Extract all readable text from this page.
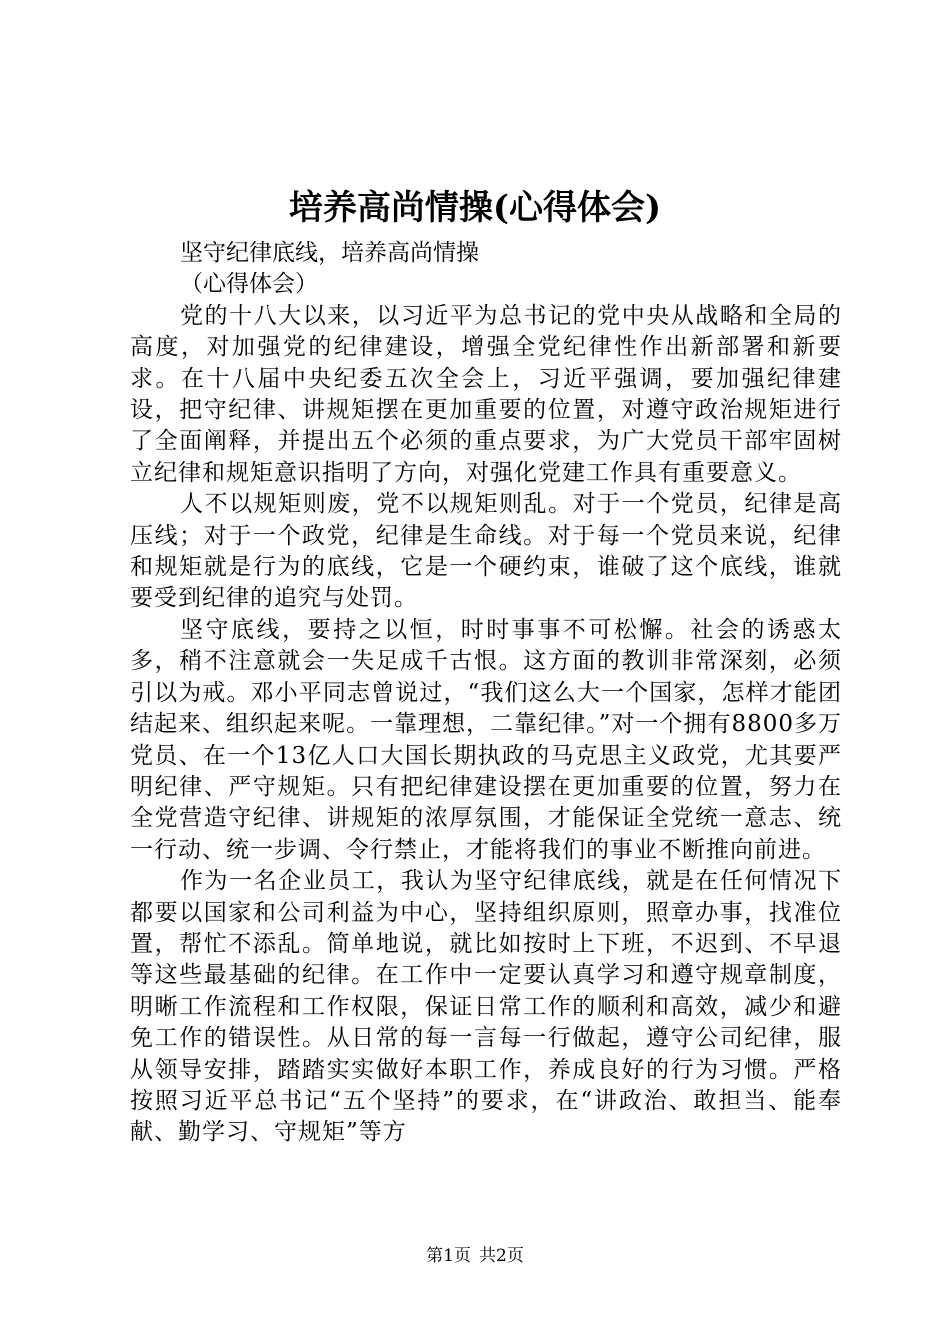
培养高尚情操(心得体会)

坚守纪律底线，培养高尚情操

（心得体会）

党的十八大以来，以习近平为总书记的党中央从战略和全局的高度，对加强党的纪律建设，增强全党纪律性作出新部署和新要求。在十八届中央纪委五次全会上，习近平强调，要加强纪律建设，把守纪律、讲规矩摆在更加重要的位置，对遵守政治规矩进行了全面阐释，并提出五个必须的重点要求，为广大党员干部牢固树立纪律和规矩意识指明了方向，对强化党建工作具有重要意义。

人不以规矩则废，党不以规矩则乱。对于一个党员，纪律是高压线；对于一个政党，纪律是生命线。对于每一个党员来说，纪律和规矩就是行为的底线，它是一个硬约束，谁破了这个底线，谁就要受到纪律的追究与处罚。

坚守底线，要持之以恒，时时事事不可松懈。社会的诱惑太多，稍不注意就会一失足成千古恨。这方面的教训非常深刻，必须引以为戒。邓小平同志曾说过，“我们这么大一个国家，怎样才能团结起来、组织起来呢。一靠理想，二靠纪律。”对一个拥有8800多万党员、在一个13亿人口大国长期执政的马克思主义政党，尤其要严明纪律、严守规矩。只有把纪律建设摆在更加重要的位置，努力在全党营造守纪律、讲规矩的浓厚氛围，才能保证全党统一意志、统一行动、统一步调、令行禁止，才能将我们的事业不断推向前进。

作为一名企业员工，我认为坚守纪律底线，就是在任何情况下都要以国家和公司利益为中心，坚持组织原则，照章办事，找准位置，帮忙不添乱。简单地说，就比如按时上下班，不迟到、不早退等这些最基础的纪律。在工作中一定要认真学习和遵守规章制度，明晰工作流程和工作权限，保证日常工作的顺利和高效，减少和避免工作的错误性。从日常的每一言每一行做起，遵守公司纪律，服从领导安排，踏踏实实做好本职工作，养成良好的行为习惯。严格按照习近平总书记“五个坚持”的要求，在“讲政治、敢担当、能奉献、勤学习、守规矩”等方

第1页 共2页
